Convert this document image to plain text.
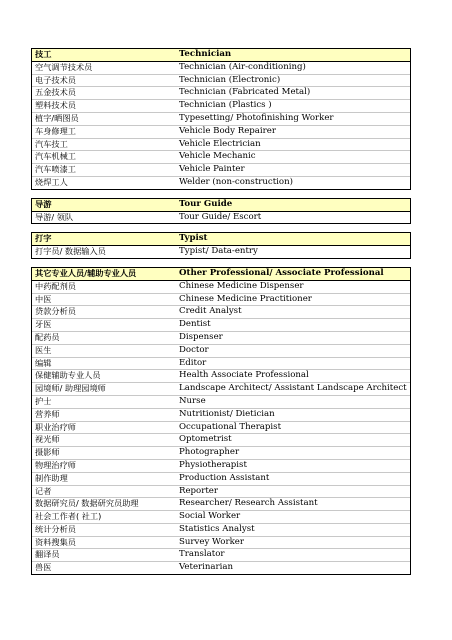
技工	Technician
空气调节技术员	Technician (Air-conditioning)
电子技术员	Technician (Electronic)
五金技术员	Technician (Fabricated Metal)
塑料技术员	Technician (Plastics )
植字/晒图员	Typesetting/ Photofinishing Worker
车身修理工	Vehicle Body Repairer
汽车技工	Vehicle Electrician
汽车机械工	Vehicle Mechanic
汽车喷漆工	Vehicle Painter
烧焊工人	Welder (non-construction)
导游	Tour Guide
导游/ 领队	Tour Guide/ Escort
打字	Typist
打字员/ 数据输入员	Typist/ Data-entry
其它专业人员/辅助专业人员	Other Professional/ Associate Professional
中药配剂员	Chinese Medicine Dispenser
中医	Chinese Medicine Practitioner
贷款分析员	Credit Analyst
牙医	Dentist
配药员	Dispenser
医生	Doctor
编辑	Editor
保健辅助专业人员	Health Associate Professional
园境师/ 助理园境师	Landscape Architect/ Assistant Landscape Architect
护士	Nurse
营养师	Nutritionist/ Dietician
职业治疗师	Occupational Therapist
视光师	Optometrist
摄影师	Photographer
物理治疗师	Physiotherapist
制作助理	Production Assistant
记者	Reporter
数据研究员/ 数据研究员助理	Researcher/ Research Assistant
社会工作者( 社工)	Social Worker
统计分析员	Statistics Analyst
资料搜集员	Survey Worker
翻译员	Translator
兽医	Veterinarian
